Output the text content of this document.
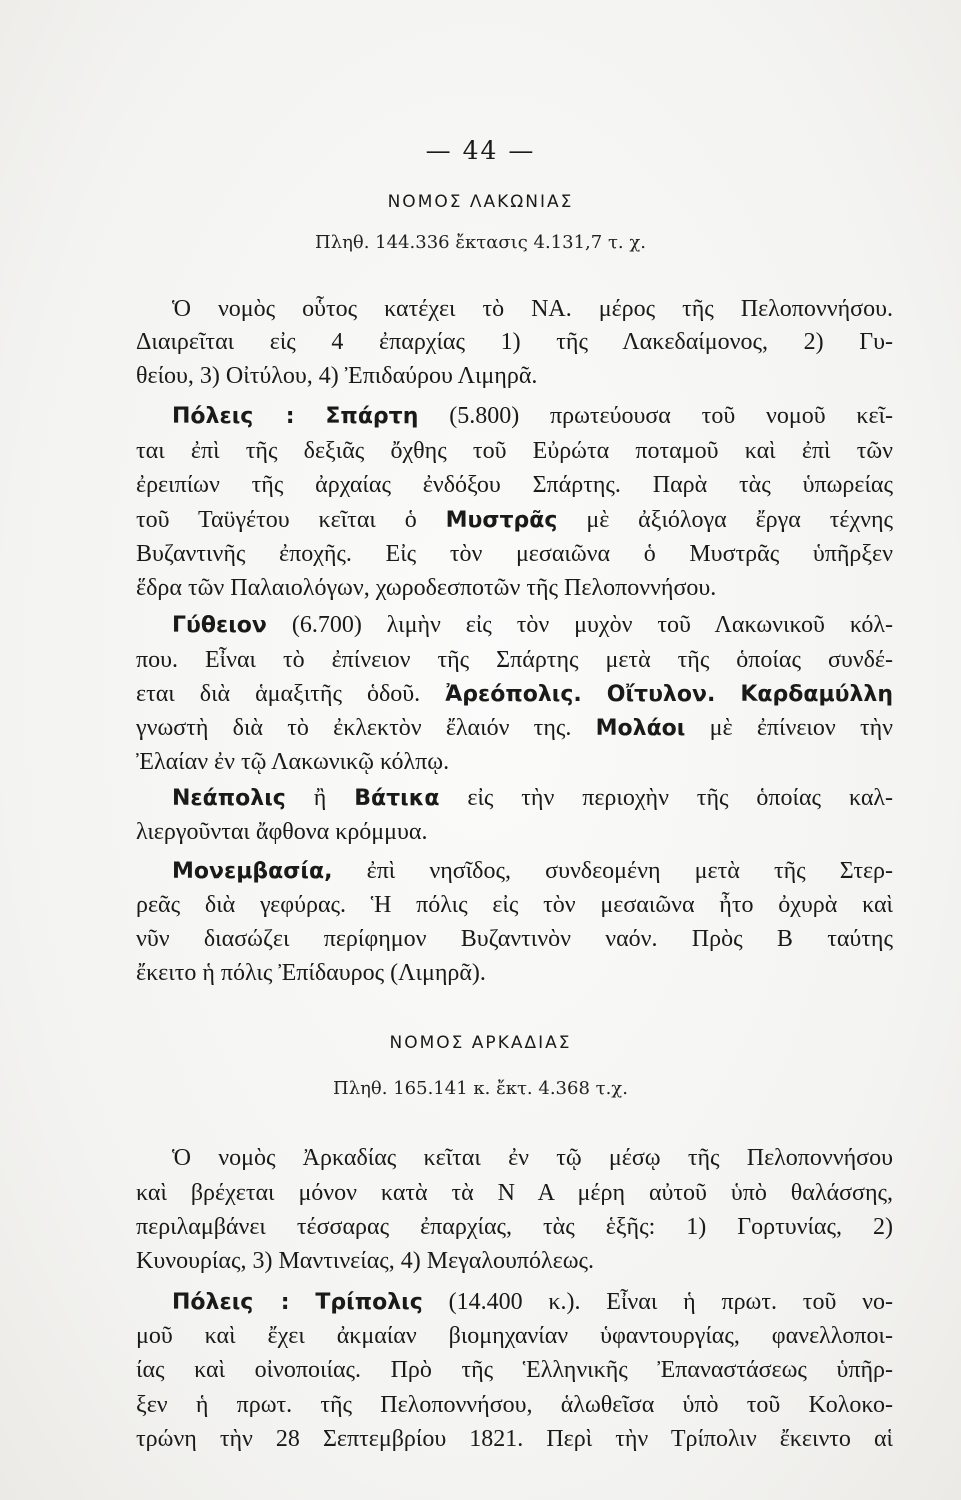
— 44 —
ΝΟΜΟΣ ΛΑΚΩΝΙΑΣ
Πληθ. 144.336 ἔκτασις 4.131,7 τ. χ.
Ὁ νομὸς οὗτος κατέχει τὸ ΝΑ. μέρος τῆς Πελοποννήσου.
Διαιρεῖται εἰς 4 ἐπαρχίας 1) τῆς Λακεδαίμονος, 2) Γυ-
θείου, 3) Οἰτύλου, 4) Ἐπιδαύρου Λιμηρᾶ.
Πόλεις : Σπάρτη (5.800) πρωτεύουσα τοῦ νομοῦ κεῖ-
ται ἐπὶ τῆς δεξιᾶς ὄχθης τοῦ Εὐρώτα ποταμοῦ καὶ ἐπὶ τῶν
ἐρειπίων τῆς ἀρχαίας ἐνδόξου Σπάρτης. Παρὰ τὰς ὑπωρείας
τοῦ Ταϋγέτου κεῖται ὁ Μυστρᾶς μὲ ἀξιόλογα ἔργα τέχνης
Βυζαντινῆς ἐποχῆς. Εἰς τὸν μεσαιῶνα ὁ Μυστρᾶς ὑπῆρξεν
ἕδρα τῶν Παλαιολόγων, χωροδεσποτῶν τῆς Πελοποννήσου.
Γύθειον (6.700) λιμὴν εἰς τὸν μυχὸν τοῦ Λακωνικοῦ κόλ-
που. Εἶναι τὸ ἐπίνειον τῆς Σπάρτης μετὰ τῆς ὁποίας συνδέ-
εται διὰ ἁμαξιτῆς ὁδοῦ. Ἀρεόπολις. Οἴτυλον. Καρδαμύλλη
γνωστὴ διὰ τὸ ἐκλεκτὸν ἔλαιόν της. Μολάοι μὲ ἐπίνειον τὴν
Ἐλαίαν ἐν τῷ Λακωνικῷ κόλπῳ.
Νεάπολις ἢ Βάτικα εἰς τὴν περιοχὴν τῆς ὁποίας καλ-
λιεργοῦνται ἄφθονα κρόμμυα.
Μονεμβασία, ἐπὶ νησῖδος, συνδεομένη μετὰ τῆς Στερ-
ρεᾶς διὰ γεφύρας. Ἡ πόλις εἰς τὸν μεσαιῶνα ἦτο ὀχυρὰ καὶ
νῦν διασώζει περίφημον Βυζαντινὸν ναόν. Πρὸς Β ταύτης
ἔκειτο ἡ πόλις Ἐπίδαυρος (Λιμηρᾶ).
ΝΟΜΟΣ ΑΡΚΑΔΙΑΣ
Πληθ. 165.141 κ. ἔκτ. 4.368 τ.χ.
Ὁ νομὸς Ἀρκαδίας κεῖται ἐν τῷ μέσῳ τῆς Πελοποννήσου
καὶ βρέχεται μόνον κατὰ τὰ Ν Α μέρη αὐτοῦ ὑπὸ θαλάσσης,
περιλαμβάνει τέσσαρας ἐπαρχίας, τὰς ἑξῆς: 1) Γορτυνίας, 2)
Κυνουρίας, 3) Μαντινείας, 4) Μεγαλουπόλεως.
Πόλεις : Τρίπολις (14.400 κ.). Εἶναι ἡ πρωτ. τοῦ νο-
μοῦ καὶ ἔχει ἀκμαίαν βιομηχανίαν ὑφαντουργίας, φανελλοποι-
ίας καὶ οἰνοποιίας. Πρὸ τῆς Ἑλληνικῆς Ἐπαναστάσεως ὑπῆρ-
ξεν ἡ πρωτ. τῆς Πελοποννήσου, ἁλωθεῖσα ὑπὸ τοῦ Κολοκο-
τρώνη τὴν 28 Σεπτεμβρίου 1821. Περὶ τὴν Τρίπολιν ἔκειντο αἱ
